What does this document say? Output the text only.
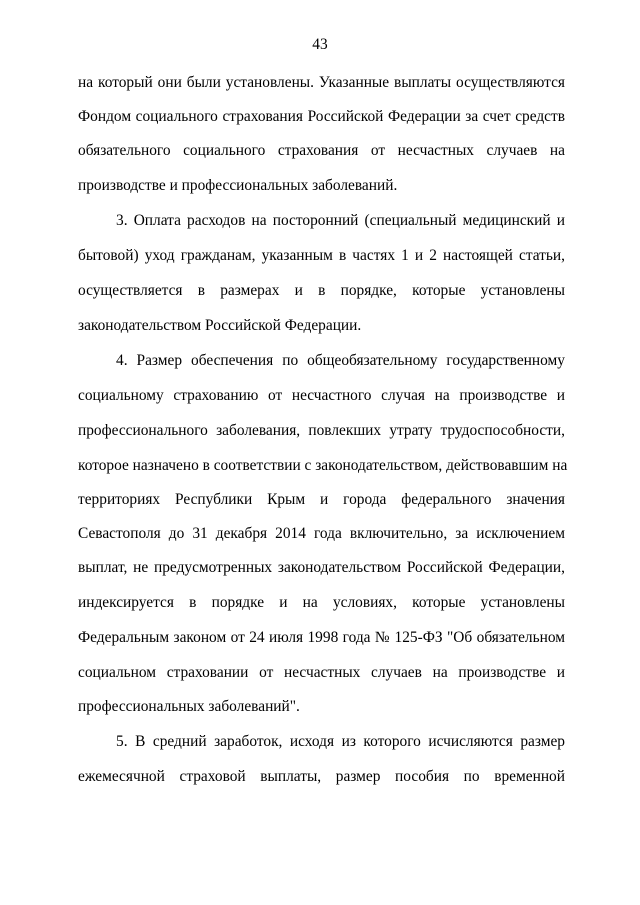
43
на который они были установлены. Указанные выплаты осуществляются
Фондом социального страхования Российской Федерации за счет средств
обязательного социального страхования от несчастных случаев на
производстве и профессиональных заболеваний.
3. Оплата расходов на посторонний (специальный медицинский и
бытовой) уход гражданам, указанным в частях 1 и 2 настоящей статьи,
осуществляется в размерах и в порядке, которые установлены
законодательством Российской Федерации.
4. Размер обеспечения по общеобязательному государственному
социальному страхованию от несчастного случая на производстве и
профессионального заболевания, повлекших утрату трудоспособности,
которое назначено в соответствии с законодательством, действовавшим на
территориях Республики Крым и города федерального значения
Севастополя до 31 декабря 2014 года включительно, за исключением
выплат, не предусмотренных законодательством Российской Федерации,
индексируется в порядке и на условиях, которые установлены
Федеральным законом от 24 июля 1998 года № 125-ФЗ "Об обязательном
социальном страховании от несчастных случаев на производстве и
профессиональных заболеваний".
5. В средний заработок, исходя из которого исчисляются размер
ежемесячной страховой выплаты, размер пособия по временной
